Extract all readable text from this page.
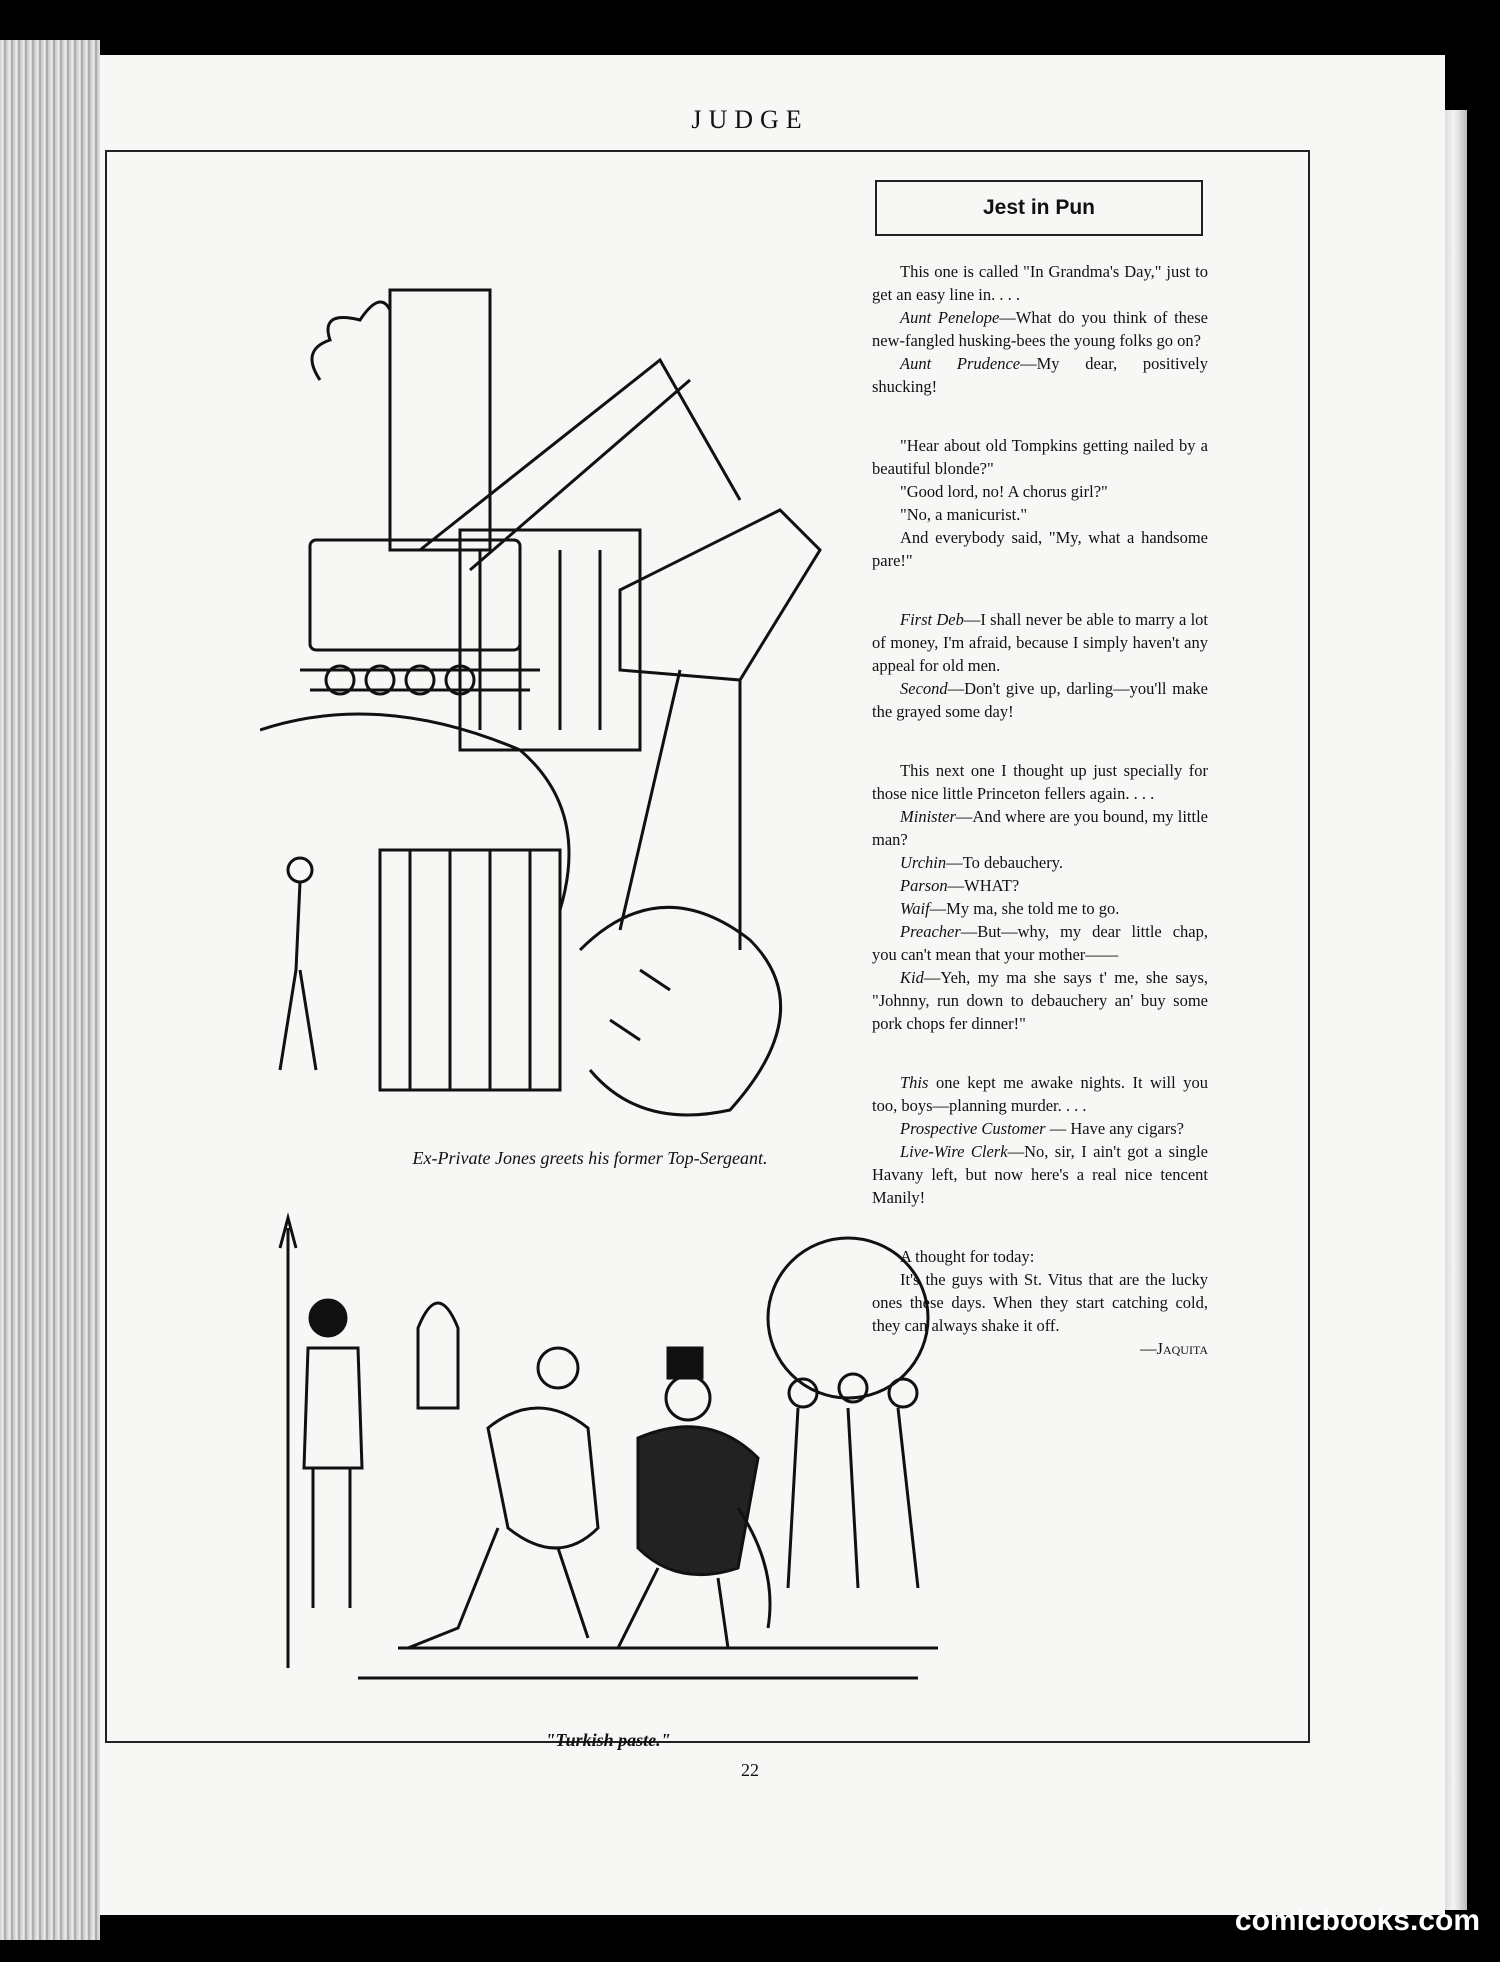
JUDGE
Ex-Private Jones greets his former Top-Sergeant.
"Turkish paste."
Jest in Pun

This one is called "In Grandma's Day," just to get an easy line in. . . .

Aunt Penelope—What do you think of these new-fangled husking-bees the young folks go on?

Aunt Prudence—My dear, positively shucking!

"Hear about old Tompkins getting nailed by a beautiful blonde?"

"Good lord, no! A chorus girl?"

"No, a manicurist."

And everybody said, "My, what a handsome pare!"

First Deb—I shall never be able to marry a lot of money, I'm afraid, because I simply haven't any appeal for old men.

Second—Don't give up, darling—you'll make the grayed some day!

This next one I thought up just specially for those nice little Princeton fellers again. . . .

Minister—And where are you bound, my little man?

Urchin—To debauchery.

Parson—WHAT?

Waif—My ma, she told me to go.

Preacher—But—why, my dear little chap, you can't mean that your mother——

Kid—Yeh, my ma she says t' me, she says, "Johnny, run down to debauchery an' buy some pork chops fer dinner!"

This one kept me awake nights. It will you too, boys—planning murder. . . .

Prospective Customer — Have any cigars?

Live-Wire Clerk—No, sir, I ain't got a single Havany left, but now here's a real nice tencent Manily!

A thought for today:

It's the guys with St. Vitus that are the lucky ones these days. When they start catching cold, they can always shake it off.

—Jaquita
22
comicbooks.com
